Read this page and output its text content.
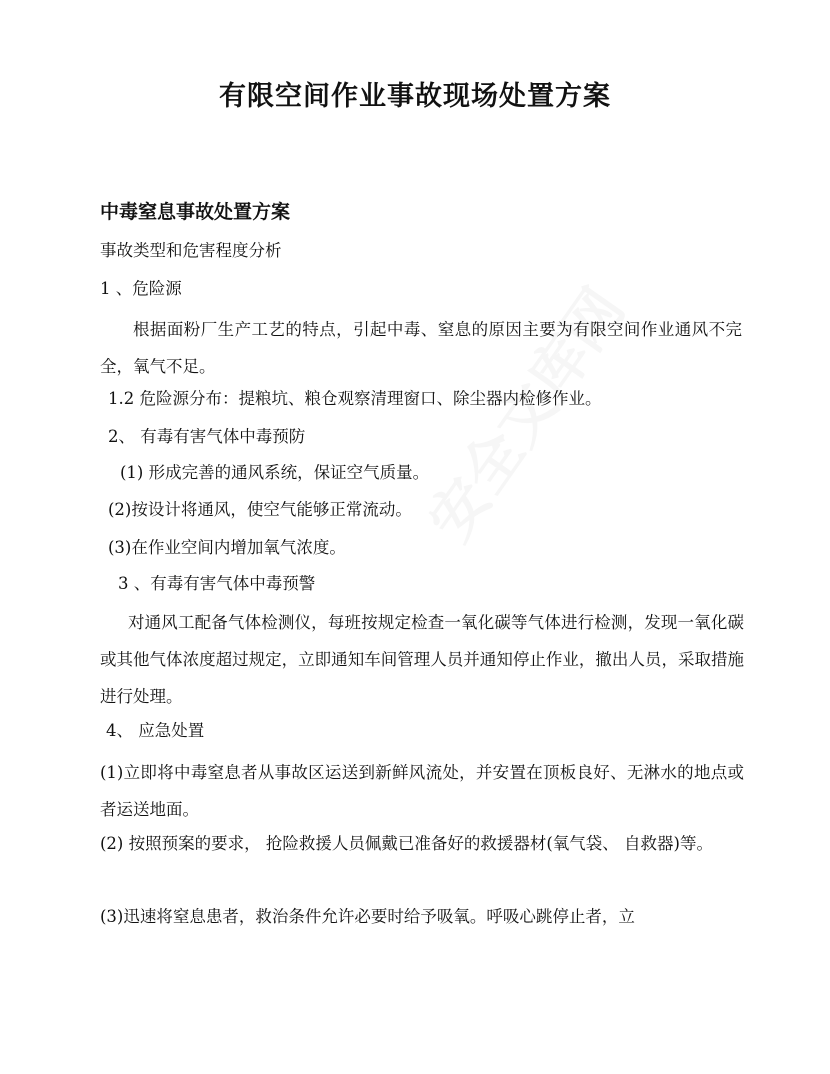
有限空间作业事故现场处置方案
中毒窒息事故处置方案
事故类型和危害程度分析
1 、危险源
根据面粉厂生产工艺的特点，引起中毒、窒息的原因主要为有限空间作业通风不完全，氧气不足。
1.2 危险源分布：提粮坑、粮仓观察清理窗口、除尘器内检修作业。
2、 有毒有害气体中毒预防
(1) 形成完善的通风系统，保证空气质量。
(2)按设计将通风，使空气能够正常流动。
(3)在作业空间内增加氧气浓度。
3 、有毒有害气体中毒预警
对通风工配备气体检测仪，每班按规定检查一氧化碳等气体进行检测，发现一氧化碳或其他气体浓度超过规定，立即通知车间管理人员并通知停止作业，撤出人员，采取措施进行处理。
4、 应急处置
(1)立即将中毒窒息者从事故区运送到新鲜风流处，并安置在顶板良好、无淋水的地点或者运送地面。
(2) 按照预案的要求， 抢险救援人员佩戴已准备好的救援器材(氧气袋、 自救器)等。
(3)迅速将窒息患者，救治条件允许必要时给予吸氧。呼吸心跳停止者，立
